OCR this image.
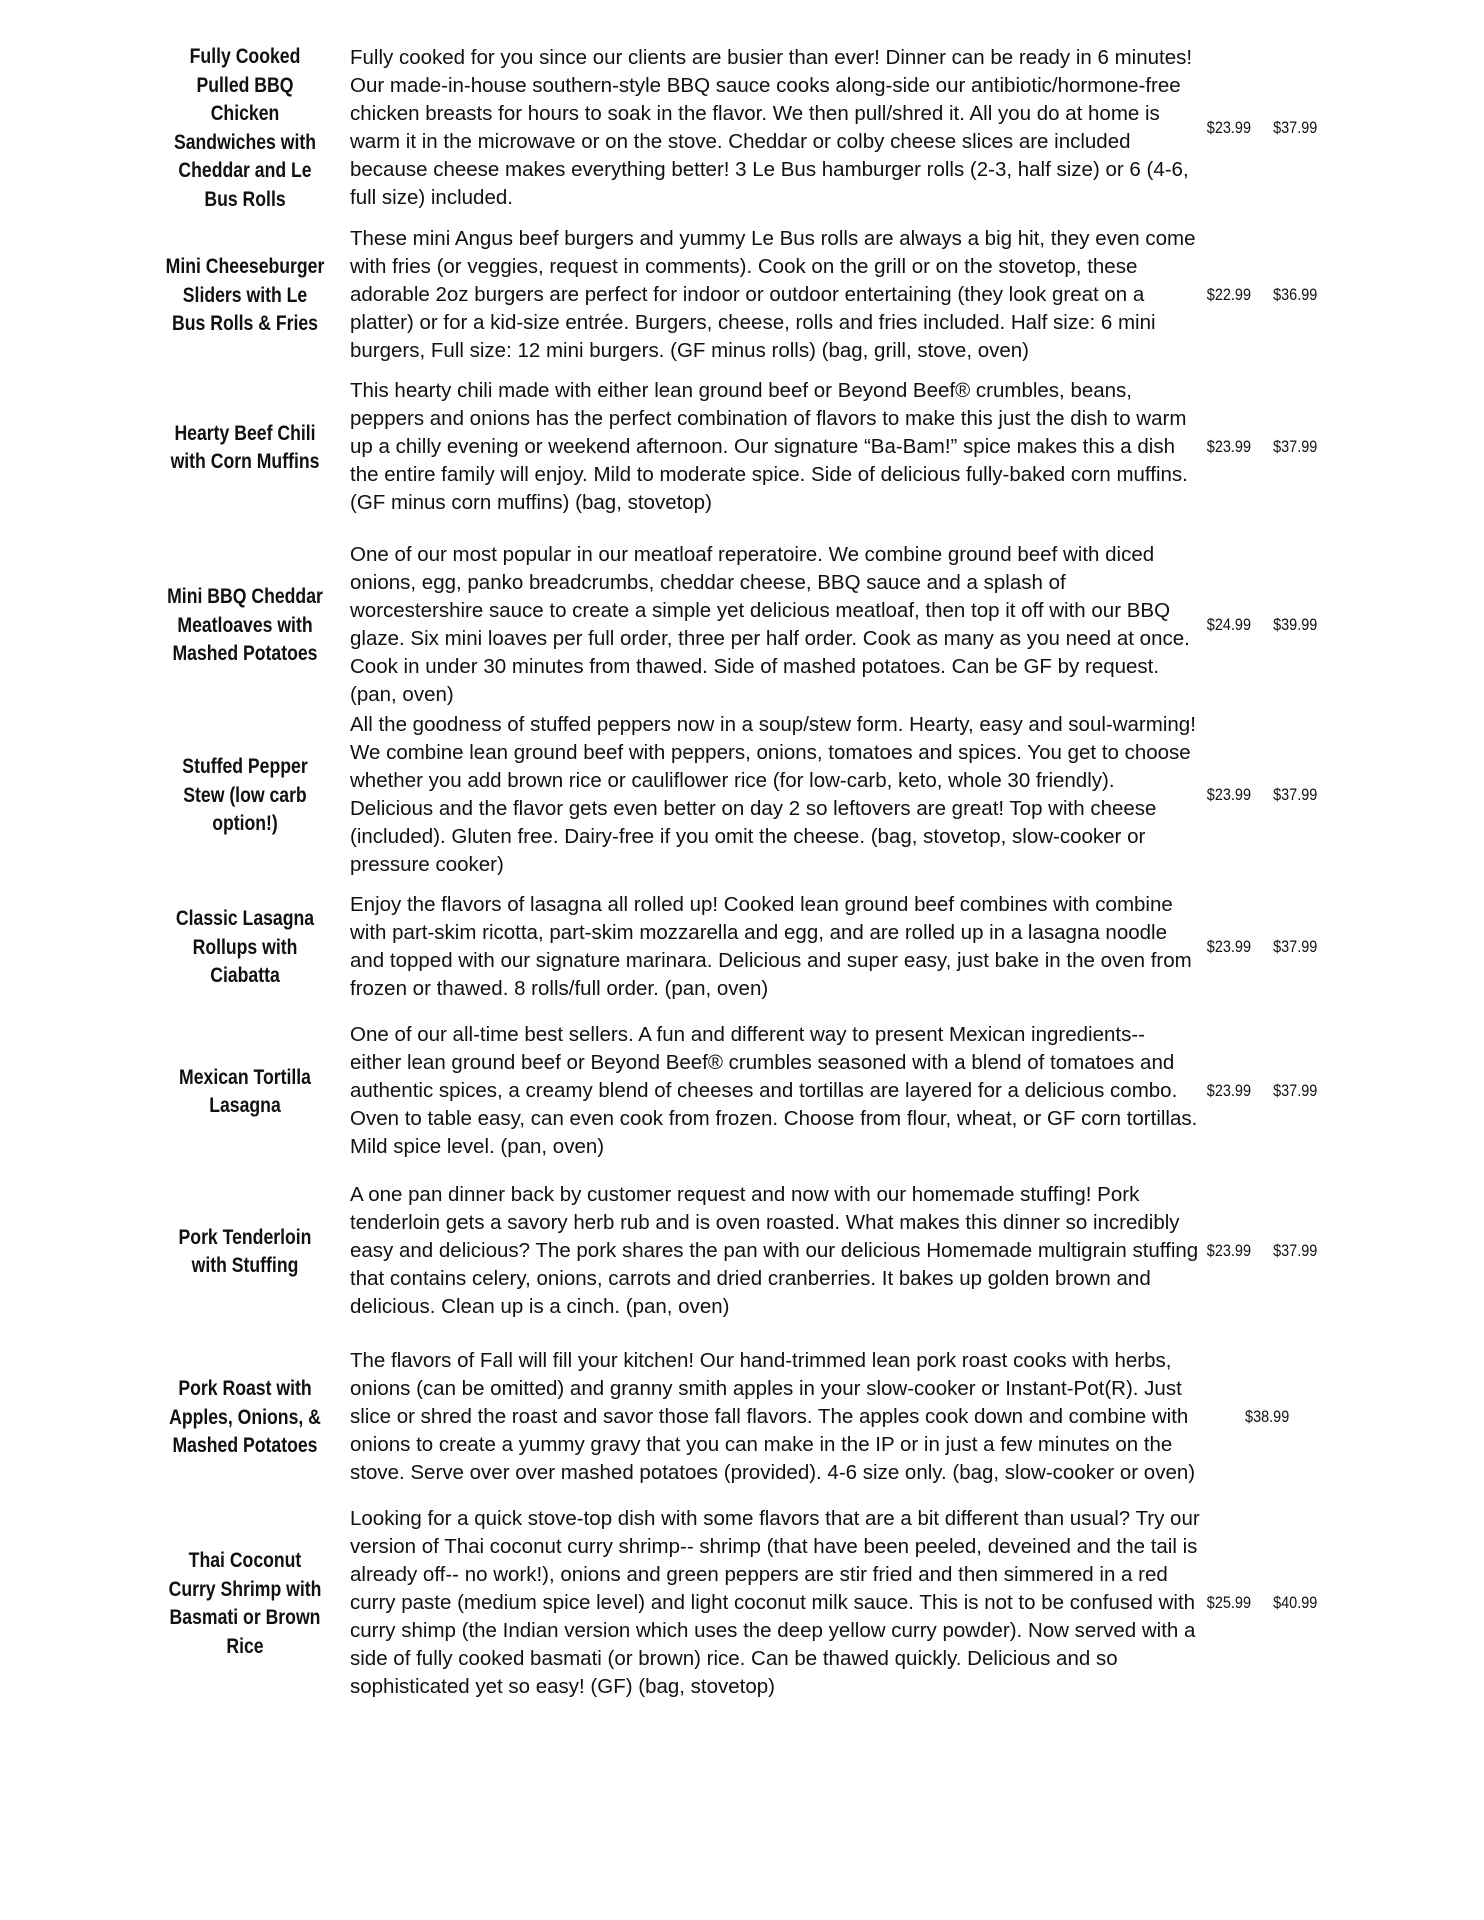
Fully Cooked Pulled BBQ Chicken Sandwiches with Cheddar and Le Bus Rolls
Fully cooked for you since our clients are busier than ever! Dinner can be ready in 6 minutes! Our made-in-house southern-style BBQ sauce cooks along-side our antibiotic/hormone-free chicken breasts for hours to soak in the flavor. We then pull/shred it. All you do at home is warm it in the microwave or on the stove. Cheddar or colby cheese slices are included because cheese makes everything better! 3 Le Bus hamburger rolls (2-3, half size) or 6 (4-6, full size) included.
$23.99 $37.99
Mini Cheeseburger Sliders with Le Bus Rolls & Fries
These mini Angus beef burgers and yummy Le Bus rolls are always a big hit, they even come with fries (or veggies, request in comments). Cook on the grill or on the stovetop, these adorable 2oz burgers are perfect for indoor or outdoor entertaining (they look great on a platter) or for a kid-size entrée. Burgers, cheese, rolls and fries included. Half size: 6 mini burgers, Full size: 12 mini burgers. (GF minus rolls) (bag, grill, stove, oven)
$22.99 $36.99
Hearty Beef Chili with Corn Muffins
This hearty chili made with either lean ground beef or Beyond Beef® crumbles, beans, peppers and onions has the perfect combination of flavors to make this just the dish to warm up a chilly evening or weekend afternoon. Our signature “Ba-Bam!” spice makes this a dish the entire family will enjoy. Mild to moderate spice. Side of delicious fully-baked corn muffins. (GF minus corn muffins) (bag, stovetop)
$23.99 $37.99
Mini BBQ Cheddar Meatloaves with Mashed Potatoes
One of our most popular in our meatloaf reperatoire. We combine ground beef with diced onions, egg, panko breadcrumbs, cheddar cheese, BBQ sauce and a splash of worcestershire sauce to create a simple yet delicious meatloaf, then top it off with our BBQ glaze. Six mini loaves per full order, three per half order. Cook as many as you need at once. Cook in under 30 minutes from thawed. Side of mashed potatoes. Can be GF by request. (pan, oven)
$24.99 $39.99
Stuffed Pepper Stew (low carb option!)
All the goodness of stuffed peppers now in a soup/stew form. Hearty, easy and soul-warming! We combine lean ground beef with peppers, onions, tomatoes and spices. You get to choose whether you add brown rice or cauliflower rice (for low-carb, keto, whole 30 friendly). Delicious and the flavor gets even better on day 2 so leftovers are great! Top with cheese (included). Gluten free. Dairy-free if you omit the cheese. (bag, stovetop, slow-cooker or pressure cooker)
$23.99 $37.99
Classic Lasagna Rollups with Ciabatta
Enjoy the flavors of lasagna all rolled up! Cooked lean ground beef combines with combine with part-skim ricotta, part-skim mozzarella and egg, and are rolled up in a lasagna noodle and topped with our signature marinara. Delicious and super easy, just bake in the oven from frozen or thawed. 8 rolls/full order. (pan, oven)
$23.99 $37.99
Mexican Tortilla Lasagna
One of our all-time best sellers. A fun and different way to present Mexican ingredients-- either lean ground beef or Beyond Beef® crumbles seasoned with a blend of tomatoes and authentic spices, a creamy blend of cheeses and tortillas are layered for a delicious combo. Oven to table easy, can even cook from frozen. Choose from flour, wheat, or GF corn tortillas. Mild spice level. (pan, oven)
$23.99 $37.99
Pork Tenderloin with Stuffing
A one pan dinner back by customer request and now with our homemade stuffing! Pork tenderloin gets a savory herb rub and is oven roasted. What makes this dinner so incredibly easy and delicious? The pork shares the pan with our delicious Homemade multigrain stuffing that contains celery, onions, carrots and dried cranberries. It bakes up golden brown and delicious. Clean up is a cinch. (pan, oven)
$23.99 $37.99
Pork Roast with Apples, Onions, & Mashed Potatoes
The flavors of Fall will fill your kitchen! Our hand-trimmed lean pork roast cooks with herbs, onions (can be omitted) and granny smith apples in your slow-cooker or Instant-Pot(R). Just slice or shred the roast and savor those fall flavors. The apples cook down and combine with onions to create a yummy gravy that you can make in the IP or in just a few minutes on the stove. Serve over over mashed potatoes (provided). 4-6 size only. (bag, slow-cooker or oven)
$38.99
Thai Coconut Curry Shrimp with Basmati or Brown Rice
Looking for a quick stove-top dish with some flavors that are a bit different than usual? Try our version of Thai coconut curry shrimp-- shrimp (that have been peeled, deveined and the tail is already off-- no work!), onions and green peppers are stir fried and then simmered in a red curry paste (medium spice level) and light coconut milk sauce. This is not to be confused with curry shimp (the Indian version which uses the deep yellow curry powder). Now served with a side of fully cooked basmati (or brown) rice. Can be thawed quickly. Delicious and so sophisticated yet so easy! (GF) (bag, stovetop)
$25.99 $40.99
